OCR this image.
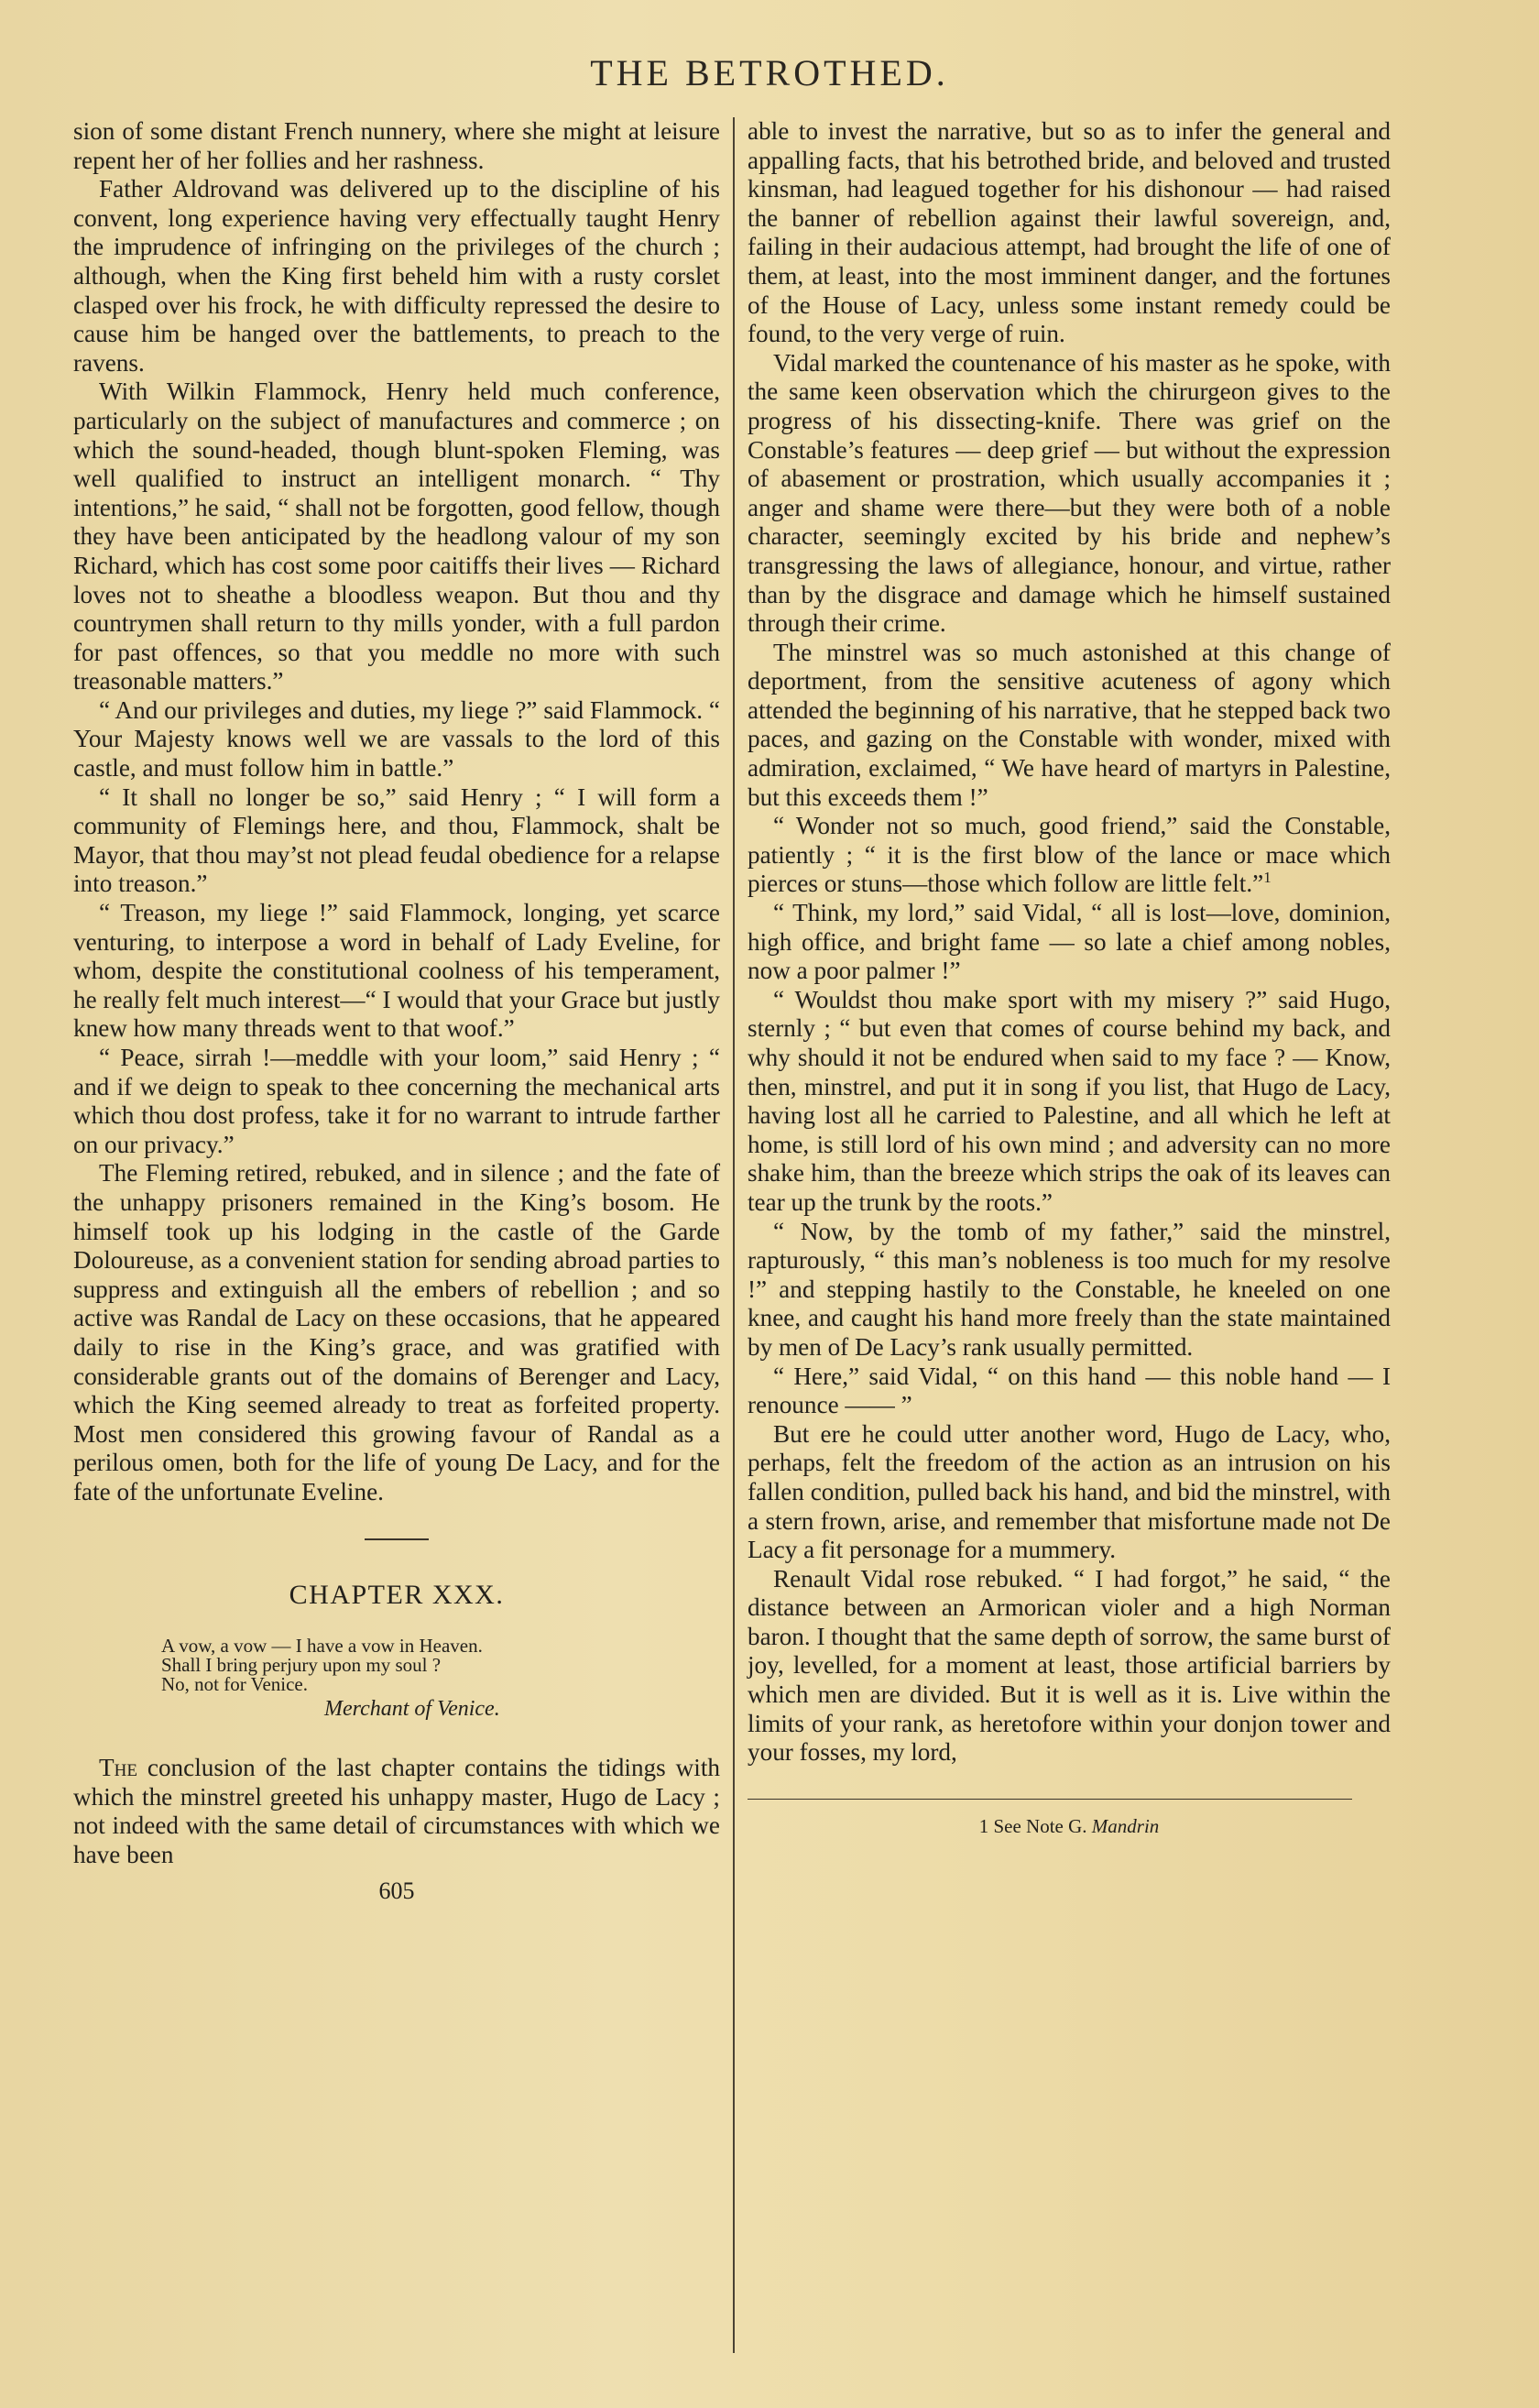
THE BETROTHED.

sion of some distant French nunnery, where she might at leisure repent her of her follies and her rashness.

Father Aldrovand was delivered up to the discipline of his convent, long experience having very effectually taught Henry the imprudence of infringing on the privileges of the church ; although, when the King first beheld him with a rusty corslet clasped over his frock, he with difficulty repressed the desire to cause him be hanged over the battlements, to preach to the ravens.

With Wilkin Flammock, Henry held much conference, particularly on the subject of manufactures and commerce ; on which the sound-headed, though blunt-spoken Fleming, was well qualified to instruct an intelligent monarch. “ Thy intentions,” he said, “ shall not be forgotten, good fellow, though they have been anticipated by the headlong valour of my son Richard, which has cost some poor caitiffs their lives — Richard loves not to sheathe a bloodless weapon. But thou and thy countrymen shall return to thy mills yonder, with a full pardon for past offences, so that you meddle no more with such treasonable matters.”

“ And our privileges and duties, my liege ?” said Flammock. “ Your Majesty knows well we are vassals to the lord of this castle, and must follow him in battle.”

“ It shall no longer be so,” said Henry ; “ I will form a community of Flemings here, and thou, Flammock, shalt be Mayor, that thou may’st not plead feudal obedience for a relapse into treason.”

“ Treason, my liege !” said Flammock, longing, yet scarce venturing, to interpose a word in behalf of Lady Eveline, for whom, despite the constitutional coolness of his temperament, he really felt much interest—“ I would that your Grace but justly knew how many threads went to that woof.”

“ Peace, sirrah !—meddle with your loom,” said Henry ; “ and if we deign to speak to thee concerning the mechanical arts which thou dost profess, take it for no warrant to intrude farther on our privacy.”

The Fleming retired, rebuked, and in silence ; and the fate of the unhappy prisoners remained in the King’s bosom. He himself took up his lodging in the castle of the Garde Doloureuse, as a convenient station for sending abroad parties to suppress and extinguish all the embers of rebellion ; and so active was Randal de Lacy on these occasions, that he appeared daily to rise in the King’s grace, and was gratified with considerable grants out of the domains of Berenger and Lacy, which the King seemed already to treat as forfeited property. Most men considered this growing favour of Randal as a perilous omen, both for the life of young De Lacy, and for the fate of the unfortunate Eveline.

CHAPTER XXX.
A vow, a vow — I have a vow in Heaven.
Shall I bring perjury upon my soul ?
No, not for Venice.
Merchant of Venice.

The conclusion of the last chapter contains the tidings with which the minstrel greeted his unhappy master, Hugo de Lacy ; not indeed with the same detail of circumstances with which we have been

605

able to invest the narrative, but so as to infer the general and appalling facts, that his betrothed bride, and beloved and trusted kinsman, had leagued together for his dishonour — had raised the banner of rebellion against their lawful sovereign, and, failing in their audacious attempt, had brought the life of one of them, at least, into the most imminent danger, and the fortunes of the House of Lacy, unless some instant remedy could be found, to the very verge of ruin.

Vidal marked the countenance of his master as he spoke, with the same keen observation which the chirurgeon gives to the progress of his dissecting-knife. There was grief on the Constable’s features — deep grief — but without the expression of abasement or prostration, which usually accompanies it ; anger and shame were there—but they were both of a noble character, seemingly excited by his bride and nephew’s transgressing the laws of allegiance, honour, and virtue, rather than by the disgrace and damage which he himself sustained through their crime.

The minstrel was so much astonished at this change of deportment, from the sensitive acuteness of agony which attended the beginning of his narrative, that he stepped back two paces, and gazing on the Constable with wonder, mixed with admiration, exclaimed, “ We have heard of martyrs in Palestine, but this exceeds them !”

“ Wonder not so much, good friend,” said the Constable, patiently ; “ it is the first blow of the lance or mace which pierces or stuns—those which follow are little felt.”$^1$

“ Think, my lord,” said Vidal, “ all is lost—love, dominion, high office, and bright fame — so late a chief among nobles, now a poor palmer !”

“ Wouldst thou make sport with my misery ?” said Hugo, sternly ; “ but even that comes of course behind my back, and why should it not be endured when said to my face ? — Know, then, minstrel, and put it in song if you list, that Hugo de Lacy, having lost all he carried to Palestine, and all which he left at home, is still lord of his own mind ; and adversity can no more shake him, than the breeze which strips the oak of its leaves can tear up the trunk by the roots.”

“ Now, by the tomb of my father,” said the minstrel, rapturously, “ this man’s nobleness is too much for my resolve !” and stepping hastily to the Constable, he kneeled on one knee, and caught his hand more freely than the state maintained by men of De Lacy’s rank usually permitted.

“ Here,” said Vidal, “ on this hand — this noble hand — I renounce —— ”

But ere he could utter another word, Hugo de Lacy, who, perhaps, felt the freedom of the action as an intrusion on his fallen condition, pulled back his hand, and bid the minstrel, with a stern frown, arise, and remember that misfortune made not De Lacy a fit personage for a mummery.

Renault Vidal rose rebuked. “ I had forgot,” he said, “ the distance between an Armorican violer and a high Norman baron. I thought that the same depth of sorrow, the same burst of joy, levelled, for a moment at least, those artificial barriers by which men are divided. But it is well as it is. Live within the limits of your rank, as heretofore within your donjon tower and your fosses, my lord,

1 See Note G. Mandrin
